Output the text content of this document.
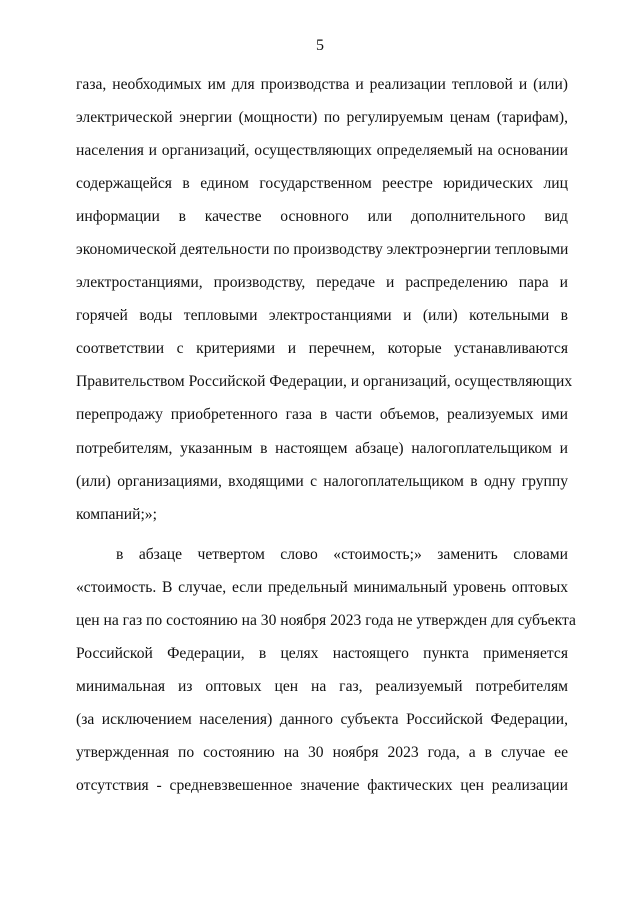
5
газа, необходимых им для производства и реализации тепловой и (или)
электрической энергии (мощности) по регулируемым ценам (тарифам),
населения и организаций, осуществляющих определяемый на основании
содержащейся в едином государственном реестре юридических лиц
информации в качестве основного или дополнительного вид
экономической деятельности по производству электроэнергии тепловыми
электростанциями, производству, передаче и распределению пара и
горячей воды тепловыми электростанциями и (или) котельными в
соответствии с критериями и перечнем, которые устанавливаются
Правительством Российской Федерации, и организаций, осуществляющих
перепродажу приобретенного газа в части объемов, реализуемых ими
потребителям, указанным в настоящем абзаце) налогоплательщиком и
(или) организациями, входящими с налогоплательщиком в одну группу
компаний;»;
в абзаце четвертом слово «стоимость;» заменить словами
«стоимость. В случае, если предельный минимальный уровень оптовых
цен на газ по состоянию на 30 ноября 2023 года не утвержден для субъекта
Российской Федерации, в целях настоящего пункта применяется
минимальная из оптовых цен на газ, реализуемый потребителям
(за исключением населения) данного субъекта Российской Федерации,
утвержденная по состоянию на 30 ноября 2023 года, а в случае ее
отсутствия - средневзвешенное значение фактических цен реализации
